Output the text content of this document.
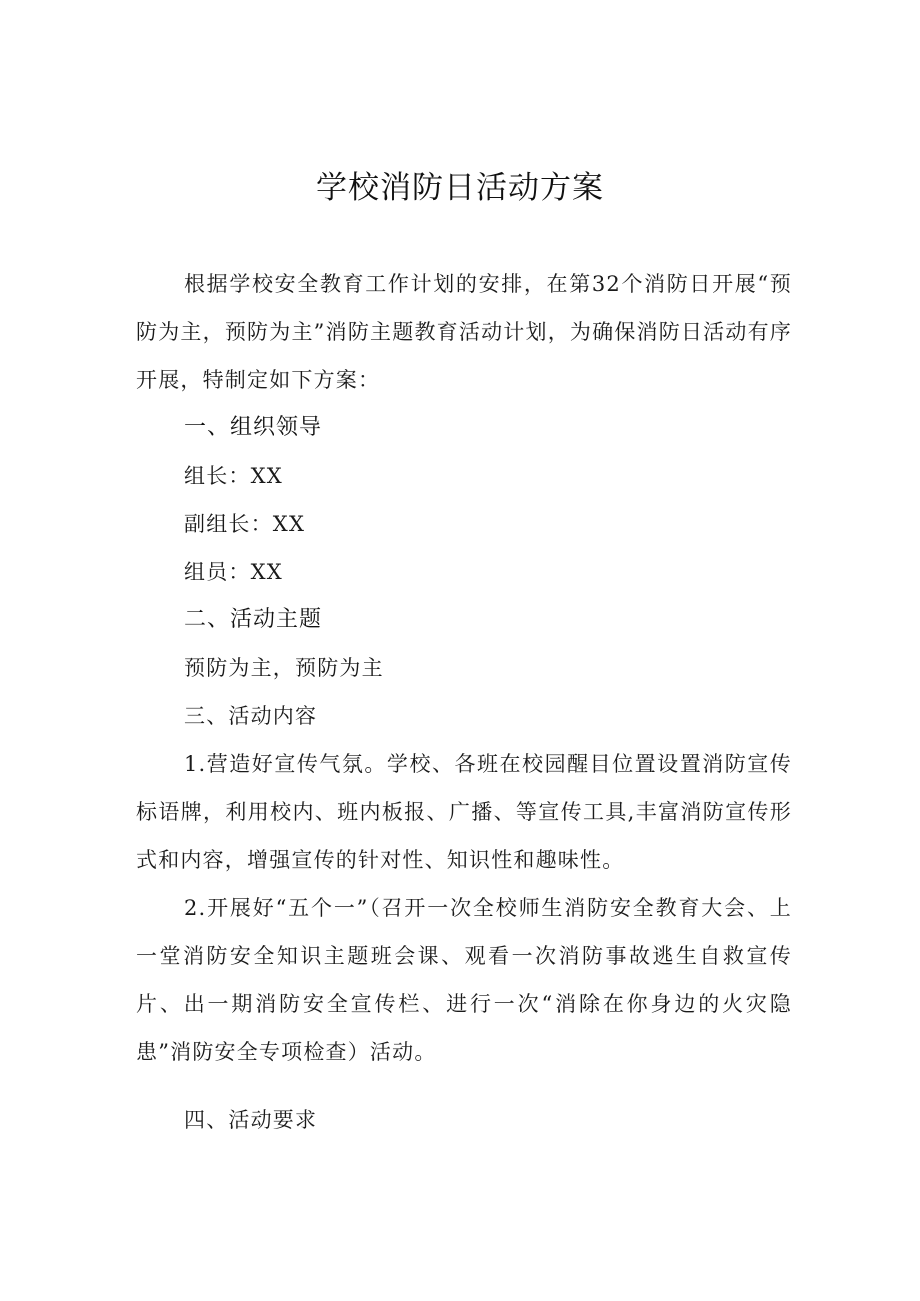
学校消防日活动方案

根据学校安全教育工作计划的安排，在第32个消防日开展“预防为主，预防为主”消防主题教育活动计划，为确保消防日活动有序开展，特制定如下方案：

一、组织领导

组长：XX

副组长：XX

组员：XX

二、活动主题

预防为主，预防为主

三、活动内容

1.营造好宣传气氛。学校、各班在校园醒目位置设置消防宣传标语牌，利用校内、班内板报、广播、等宣传工具,丰富消防宣传形式和内容，增强宣传的针对性、知识性和趣味性。

2.开展好“五个一”（召开一次全校师生消防安全教育大会、上一堂消防安全知识主题班会课、观看一次消防事故逃生自救宣传片、出一期消防安全宣传栏、进行一次“消除在你身边的火灾隐患”消防安全专项检查）活动。

四、活动要求
